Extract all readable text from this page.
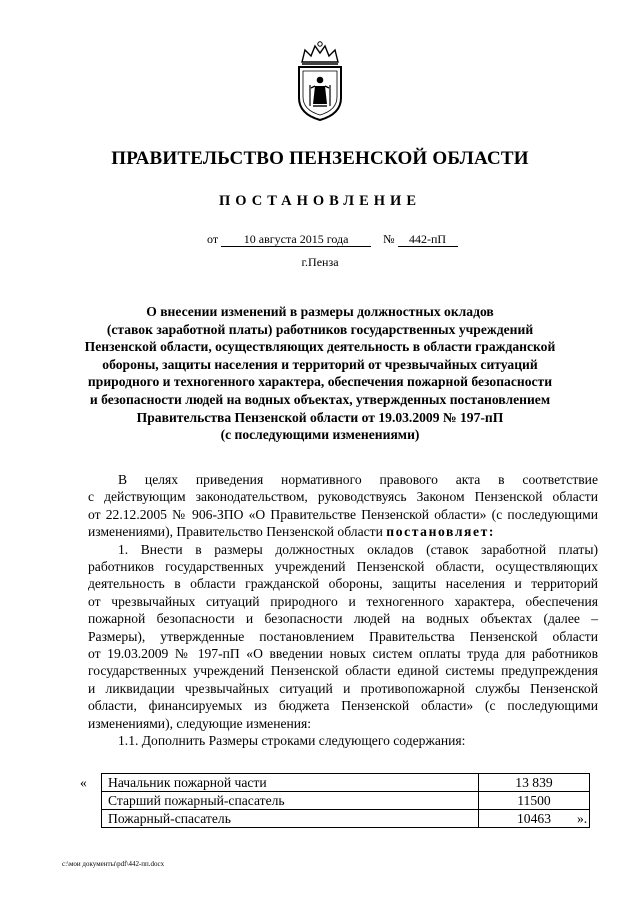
ПРАВИТЕЛЬСТВО ПЕНЗЕНСКОЙ ОБЛАСТИ
ПОСТАНОВЛЕНИЕ
от 10 августа 2015 года	№ 442-пП
г.Пенза
О внесении изменений в размеры должностных окладов
(ставок заработной платы) работников государственных учреждений
Пензенской области, осуществляющих деятельность в области гражданской
обороны, защиты населения и территорий от чрезвычайных ситуаций
природного и техногенного характера, обеспечения пожарной безопасности
и безопасности людей на водных объектах, утвержденных постановлением
Правительства Пензенской области от 19.03.2009 № 197-пП
(с последующими изменениями)
В целях приведения нормативного правового акта в соответствие
с действующим законодательством, руководствуясь Законом Пензенской области
от 22.12.2005 № 906-ЗПО «О Правительстве Пензенской области» (с последующими
изменениями), Правительство Пензенской области постановляет:
1. Внести в размеры должностных окладов (ставок заработной платы)
работников государственных учреждений Пензенской области, осуществляющих
деятельность в области гражданской обороны, защиты населения и территорий
от чрезвычайных ситуаций природного и техногенного характера, обеспечения
пожарной безопасности и безопасности людей на водных объектах (далее –
Размеры), утвержденные постановлением Правительства Пензенской области
от 19.03.2009 № 197-пП «О введении новых систем оплаты труда для работников
государственных учреждений Пензенской области единой системы предупреждения
и ликвидации чрезвычайных ситуаций и противопожарной службы Пензенской
области, финансируемых из бюджета Пензенской области» (с последующими
изменениями), следующие изменения:
1.1. Дополнить Размеры строками следующего содержания:
« Начальник пожарной части	13 839
Старший пожарный-спасатель	11500
Пожарный-спасатель	10463 ».
c:\мои документы\pdf\442-пп.docx
